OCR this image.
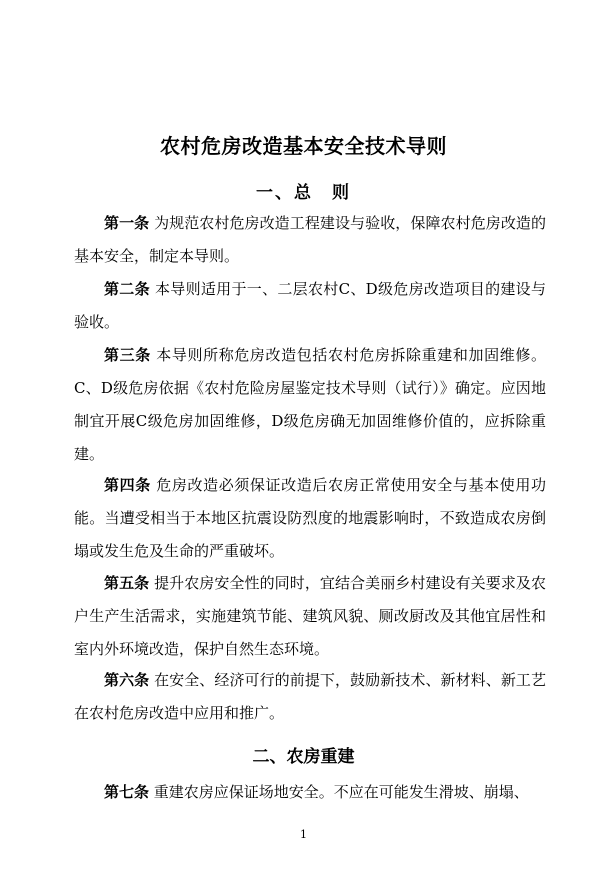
农村危房改造基本安全技术导则
一、总　则

第一条 为规范农村危房改造工程建设与验收，保障农村危房改造的基本安全，制定本导则。

第二条 本导则适用于一、二层农村C、D级危房改造项目的建设与验收。

第三条 本导则所称危房改造包括农村危房拆除重建和加固维修。C、D级危房依据《农村危险房屋鉴定技术导则（试行）》确定。应因地制宜开展C级危房加固维修，D级危房确无加固维修价值的，应拆除重建。

第四条 危房改造必须保证改造后农房正常使用安全与基本使用功能。当遭受相当于本地区抗震设防烈度的地震影响时，不致造成农房倒塌或发生危及生命的严重破坏。

第五条 提升农房安全性的同时，宜结合美丽乡村建设有关要求及农户生产生活需求，实施建筑节能、建筑风貌、厕改厨改及其他宜居性和室内外环境改造，保护自然生态环境。

第六条 在安全、经济可行的前提下，鼓励新技术、新材料、新工艺在农村危房改造中应用和推广。

二、农房重建

第七条 重建农房应保证场地安全。不应在可能发生滑坡、崩塌、

1
